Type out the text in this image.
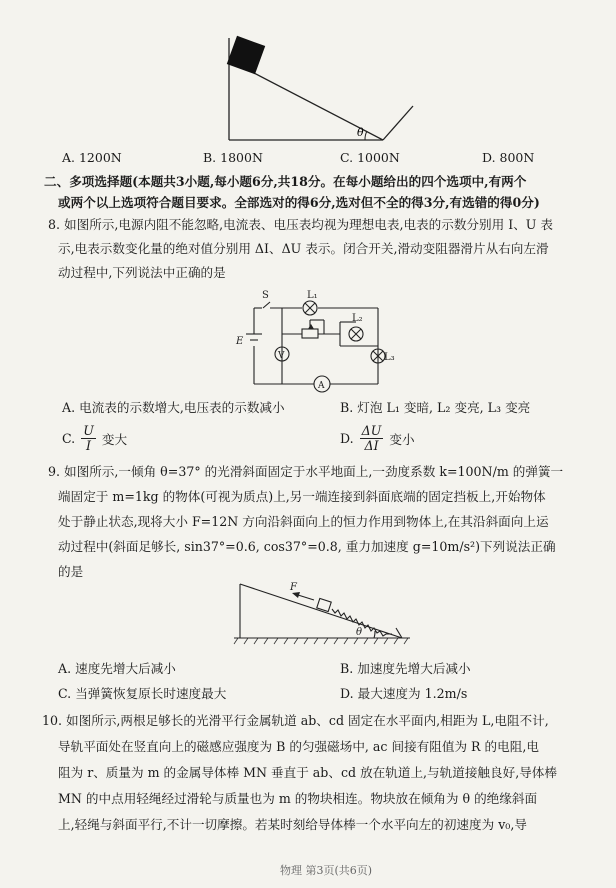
θ
A. 1200N	B. 1800N	C. 1000N	D. 800N
二、多项选择题(本题共3小题,每小题6分,共18分。在每小题给出的四个选项中,有两个
或两个以上选项符合题目要求。全部选对的得6分,选对但不全的得3分,有选错的得0分)
8. 如图所示,电源内阻不能忽略,电流表、电压表均视为理想电表,电表的示数分别用 I、U 表
示,电表示数变化量的绝对值分别用 ΔI、ΔU 表示。闭合开关,滑动变阻器滑片从右向左滑
动过程中,下列说法中正确的是
S	L₁
L₂
L₃
E
V
A
A. 电流表的示数增大,电压表的示数减小	B. 灯泡 L₁ 变暗, L₂ 变亮, L₃ 变亮
C. $\frac{U}{I}$ 变大	D. $\frac{\Delta U}{\Delta I}$ 变小
9. 如图所示,一倾角 θ=37° 的光滑斜面固定于水平地面上,一劲度系数 k=100N/m 的弹簧一
端固定于 m=1kg 的物体(可视为质点)上,另一端连接到斜面底端的固定挡板上,开始物体
处于静止状态,现将大小 F=12N 方向沿斜面向上的恒力作用到物体上,在其沿斜面向上运
动过程中(斜面足够长, sin37°=0.6, cos37°=0.8, 重力加速度 g=10m/s²)下列说法正确
的是
F
θ
A. 速度先增大后减小	B. 加速度先增大后减小
C. 当弹簧恢复原长时速度最大	D. 最大速度为 1.2m/s
10. 如图所示,两根足够长的光滑平行金属轨道 ab、cd 固定在水平面内,相距为 L,电阻不计,
导轨平面处在竖直向上的磁感应强度为 B 的匀强磁场中, ac 间接有阻值为 R 的电阻,电
阻为 r、质量为 m 的金属导体棒 MN 垂直于 ab、cd 放在轨道上,与轨道接触良好,导体棒
MN 的中点用轻绳经过滑轮与质量也为 m 的物块相连。物块放在倾角为 θ 的绝缘斜面
上,轻绳与斜面平行,不计一切摩擦。若某时刻给导体棒一个水平向左的初速度为 v₀,导
物理 第3页(共6页)
